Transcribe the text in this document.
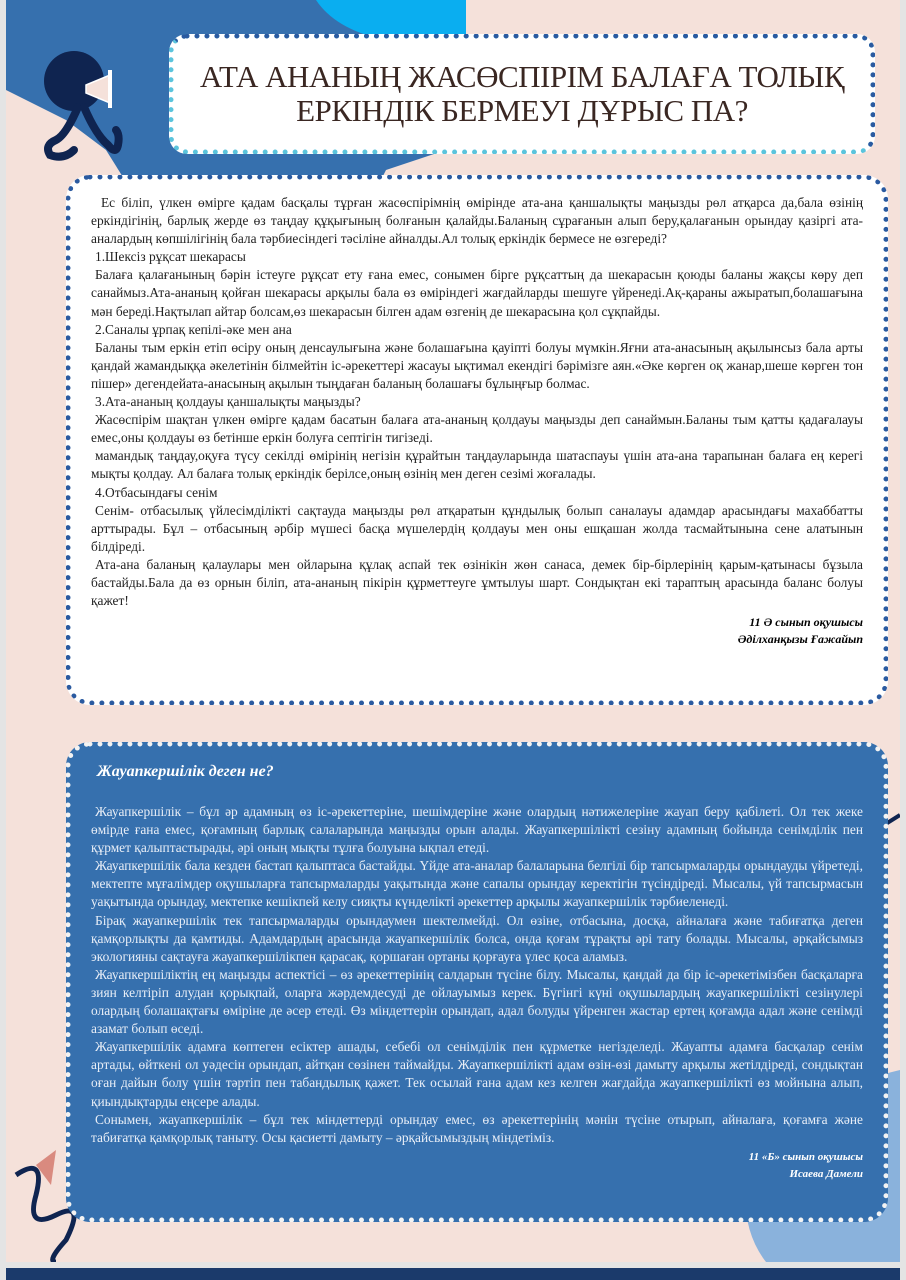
АТА АНАНЫҢ ЖАСӨСПІРІМ БАЛАҒА ТОЛЫҚ
ЕРКІНДІК БЕРМЕУІ ДҰРЫС ПА?

Ес біліп, үлкен өмірге қадам басқалы тұрған жасөспірімнің өмірінде ата-ана қаншалықты маңызды рөл атқарса да,бала өзінің еркіндігінің, барлық жерде өз таңдау құқығының болғанын қалайды.Баланың сұрағанын алып беру,қалағанын орындау қазіргі ата-аналардың көпшілігінің бала тәрбиесіндегі тәсіліне айналды.Ал толық еркіндік бермесе не өзгереді?

1.Шексіз рұқсат шекарасы

Балаға қалағанының бәрін істеуге рұқсат ету ғана емес, сонымен бірге рұқсаттың да шекарасын қоюды баланы жақсы көру деп санаймыз.Ата-ананың қойған шекарасы арқылы бала өз өміріндегі жағдайларды шешуге үйренеді.Ақ-қараны ажыратып,болашағына мән береді.Нақтылап айтар болсам,өз шекарасын білген адам өзгенің де шекарасына қол сұқпайды.

2.Саналы ұрпақ кепілі-әке мен ана

Баланы тым еркін етіп өсіру оның денсаулығына және болашағына қауіпті болуы мүмкін.Яғни ата-анасының ақылынсыз бала арты қандай жамандыққа әкелетінін білмейтін іс-әрекеттері жасауы ықтимал екендігі бәрімізге аян.«Әке көрген оқ жанар,шеше көрген тон пішер» дегендейата-анасының ақылын тыңдаған баланың болашағы бұлыңғыр болмас.

3.Ата-ананың қолдауы қаншалықты маңызды?

Жасөспірім шақтан үлкен өмірге қадам басатын балаға ата-ананың қолдауы маңызды деп санаймын.Баланы тым қатты қадағалауы емес,оны қолдауы өз бетінше еркін болуға септігін тигізеді.

мамандық таңдау,оқуға түсу секілді өмірінің негізін құрайтын таңдауларында шатаспауы үшін ата-ана тарапынан балаға ең керегі мықты қолдау. Ал балаға толық еркіндік берілсе,оның өзінің мен деген сезімі жоғалады.

4.Отбасындағы сенім

Сенім- отбасылық үйлесімділікті сақтауда маңызды рөл атқаратын құндылық болып саналауы адамдар арасындағы махаббатты арттырады. Бұл – отбасының әрбір мүшесі басқа мүшелердің қолдауы мен оны ешқашан жолда тасмайтынына сене алатынын білдіреді.

Ата-ана баланың қалаулары мен ойларына құлақ аспай тек өзінікін жөн санаса, демек бір-бірлерінің қарым-қатынасы бұзыла бастайды.Бала да өз орнын біліп, ата-ананың пікірін құрметтеуге ұмтылуы шарт. Сондықтан екі тараптың арасында баланс болуы қажет!

11 Ә сынып оқушысы
Әділханқызы Ғажайып
Жауапкершілік деген не?

Жауапкершілік – бұл әр адамның өз іс-әрекеттеріне, шешімдеріне және олардың нәтижелеріне жауап беру қабілеті. Ол тек жеке өмірде ғана емес, қоғамның барлық салаларында маңызды орын алады. Жауапкершілікті сезіну адамның бойында сенімділік пен құрмет қалыптастырады, әрі оның мықты тұлға болуына ықпал етеді.

Жауапкершілік бала кезден бастап қалыптаса бастайды. Үйде ата-аналар балаларына белгілі бір тапсырмаларды орындауды үйретеді, мектепте мұғалімдер оқушыларға тапсырмаларды уақытында және сапалы орындау керектігін түсіндіреді. Мысалы, үй тапсырмасын уақытында орындау, мектепке кешікпей келу сияқты күнделікті әрекеттер арқылы жауапкершілік тәрбиеленеді.

Бірақ жауапкершілік тек тапсырмаларды орындаумен шектелмейді. Ол өзіне, отбасына, досқа, айналаға және табиғатқа деген қамқорлықты да қамтиды. Адамдардың арасында жауапкершілік болса, онда қоғам тұрақты әрі тату болады. Мысалы, әрқайсымыз экологияны сақтауға жауапкершілікпен қарасақ, қоршаған ортаны қорғауға үлес қоса аламыз.

Жауапкершіліктің ең маңызды аспектісі – өз әрекеттерінің салдарын түсіне білу. Мысалы, қандай да бір іс-әрекетімізбен басқаларға зиян келтіріп алудан қорықпай, оларға жәрдемдесуді де ойлауымыз керек. Бүгінгі күні оқушылардың жауапкершілікті сезінулері олардың болашақтағы өміріне де әсер етеді. Өз міндеттерін орындап, адал болуды үйренген жастар ертең қоғамда адал және сенімді азамат болып өседі.

Жауапкершілік адамға көптеген есіктер ашады, себебі ол сенімділік пен құрметке негізделеді. Жауапты адамға басқалар сенім артады, өйткені ол уәдесін орындап, айтқан сөзінен таймайды. Жауапкершілікті адам өзін-өзі дамыту арқылы жетілдіреді, сондықтан оған дайын болу үшін тәртіп пен табандылық қажет. Тек осылай ғана адам кез келген жағдайда жауапкершілікті өз мойнына алып, қиындықтарды еңсере алады.

Сонымен, жауапкершілік – бұл тек міндеттерді орындау емес, өз әрекеттерінің мәнін түсіне отырып, айналаға, қоғамға және табиғатқа қамқорлық таныту. Осы қасиетті дамыту – әрқайсымыздың міндетіміз.

11 «Б» сынып оқушысы
Исаева Дамели
